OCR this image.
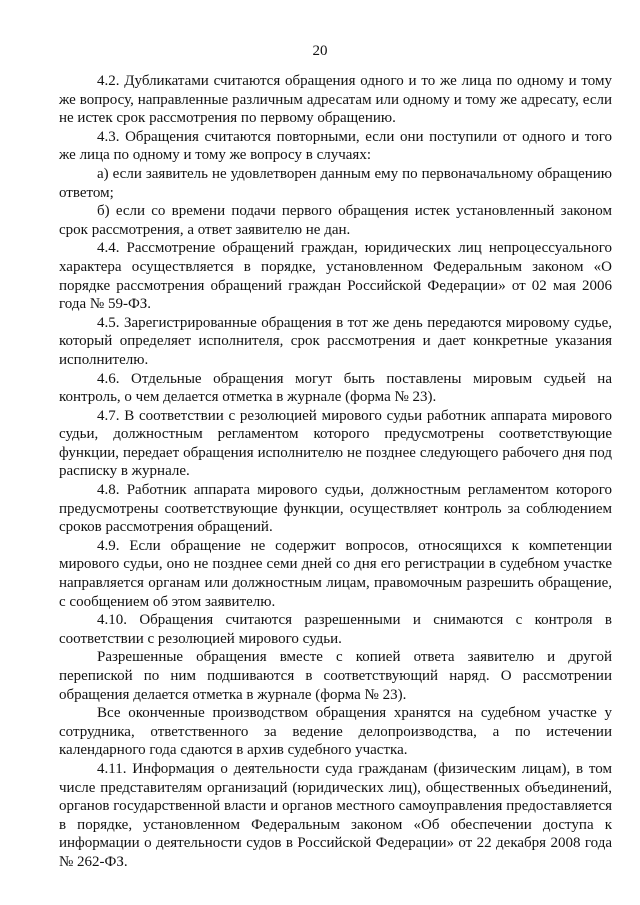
20

4.2. Дубликатами считаются обращения одного и то же лица по одному и тому же вопросу, направленные различным адресатам или одному и тому же адресату, если не истек срок рассмотрения по первому обращению.

4.3. Обращения считаются повторными, если они поступили от одного и того же лица по одному и тому же вопросу в случаях:

а) если заявитель не удовлетворен данным ему по первоначальному обращению ответом;

б) если со времени подачи первого обращения истек установленный законом срок рассмотрения, а ответ заявителю не дан.

4.4. Рассмотрение обращений граждан, юридических лиц непроцессуального характера осуществляется в порядке, установленном Федеральным законом «О порядке рассмотрения обращений граждан Российской Федерации» от 02 мая 2006 года № 59-ФЗ.

4.5. Зарегистрированные обращения в тот же день передаются мировому судье, который определяет исполнителя, срок рассмотрения и дает конкретные указания исполнителю.

4.6. Отдельные обращения могут быть поставлены мировым судьей на контроль, о чем делается отметка в журнале (форма № 23).

4.7. В соответствии с резолюцией мирового судьи работник аппарата мирового судьи, должностным регламентом которого предусмотрены соответствующие функции, передает обращения исполнителю не позднее следующего рабочего дня под расписку в журнале.

4.8. Работник аппарата мирового судьи, должностным регламентом которого предусмотрены соответствующие функции, осуществляет контроль за соблюдением сроков рассмотрения обращений.

4.9. Если обращение не содержит вопросов, относящихся к компетенции мирового судьи, оно не позднее семи дней со дня его регистрации в судебном участке направляется органам или должностным лицам, правомочным разрешить обращение, с сообщением об этом заявителю.

4.10. Обращения считаются разрешенными и снимаются с контроля в соответствии с резолюцией мирового судьи.

Разрешенные обращения вместе с копией ответа заявителю и другой перепиской по ним подшиваются в соответствующий наряд. О рассмотрении обращения делается отметка в журнале (форма № 23).

Все оконченные производством обращения хранятся на судебном участке у сотрудника, ответственного за ведение делопроизводства, а по истечении календарного года сдаются в архив судебного участка.

4.11. Информация о деятельности суда гражданам (физическим лицам), в том числе представителям организаций (юридических лиц), общественных объединений, органов государственной власти и органов местного самоуправления предоставляется в порядке, установленном Федеральным законом «Об обеспечении доступа к информации о деятельности судов в Российской Федерации» от 22 декабря 2008 года № 262-ФЗ.
